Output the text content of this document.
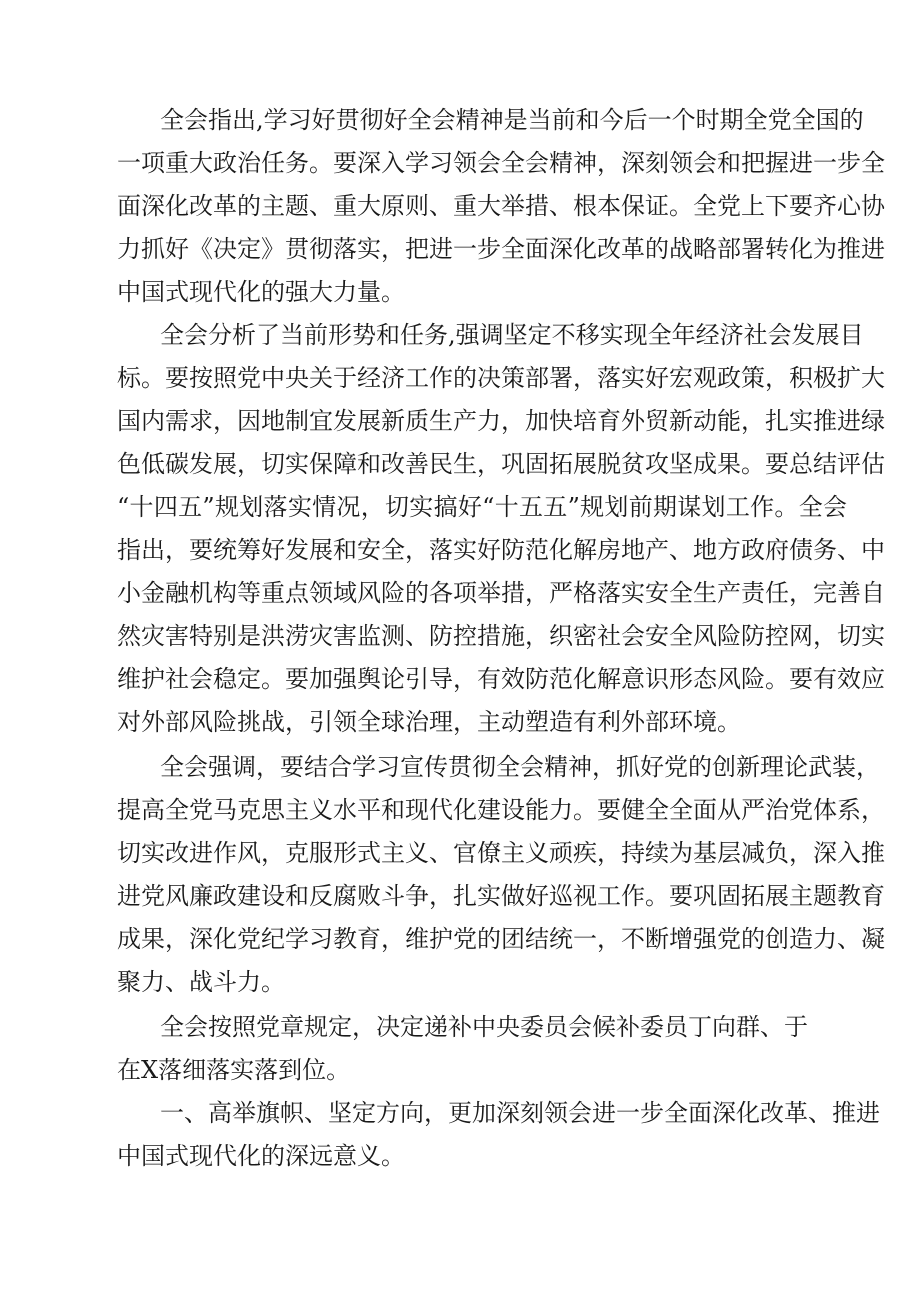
全会指出,学习好贯彻好全会精神是当前和今后一个时期全党全国的
一项重大政治任务。要深入学习领会全会精神，深刻领会和把握进一步全
面深化改革的主题、重大原则、重大举措、根本保证。全党上下要齐心协
力抓好《决定》贯彻落实，把进一步全面深化改革的战略部署转化为推进
中国式现代化的强大力量。
全会分析了当前形势和任务,强调坚定不移实现全年经济社会发展目
标。要按照党中央关于经济工作的决策部署，落实好宏观政策，积极扩大
国内需求，因地制宜发展新质生产力，加快培育外贸新动能，扎实推进绿
色低碳发展，切实保障和改善民生，巩固拓展脱贫攻坚成果。要总结评估
“十四五”规划落实情况，切实搞好“十五五”规划前期谋划工作。全会
指出，要统筹好发展和安全，落实好防范化解房地产、地方政府债务、中
小金融机构等重点领域风险的各项举措，严格落实安全生产责任，完善自
然灾害特别是洪涝灾害监测、防控措施，织密社会安全风险防控网，切实
维护社会稳定。要加强舆论引导，有效防范化解意识形态风险。要有效应
对外部风险挑战，引领全球治理，主动塑造有利外部环境。
全会强调，要结合学习宣传贯彻全会精神，抓好党的创新理论武装，
提高全党马克思主义水平和现代化建设能力。要健全全面从严治党体系，
切实改进作风，克服形式主义、官僚主义顽疾，持续为基层减负，深入推
进党风廉政建设和反腐败斗争，扎实做好巡视工作。要巩固拓展主题教育
成果，深化党纪学习教育，维护党的团结统一，不断增强党的创造力、凝
聚力、战斗力。
全会按照党章规定，决定递补中央委员会候补委员丁向群、于
在X落细落实落到位。
一、高举旗帜、坚定方向，更加深刻领会进一步全面深化改革、推进
中国式现代化的深远意义。
